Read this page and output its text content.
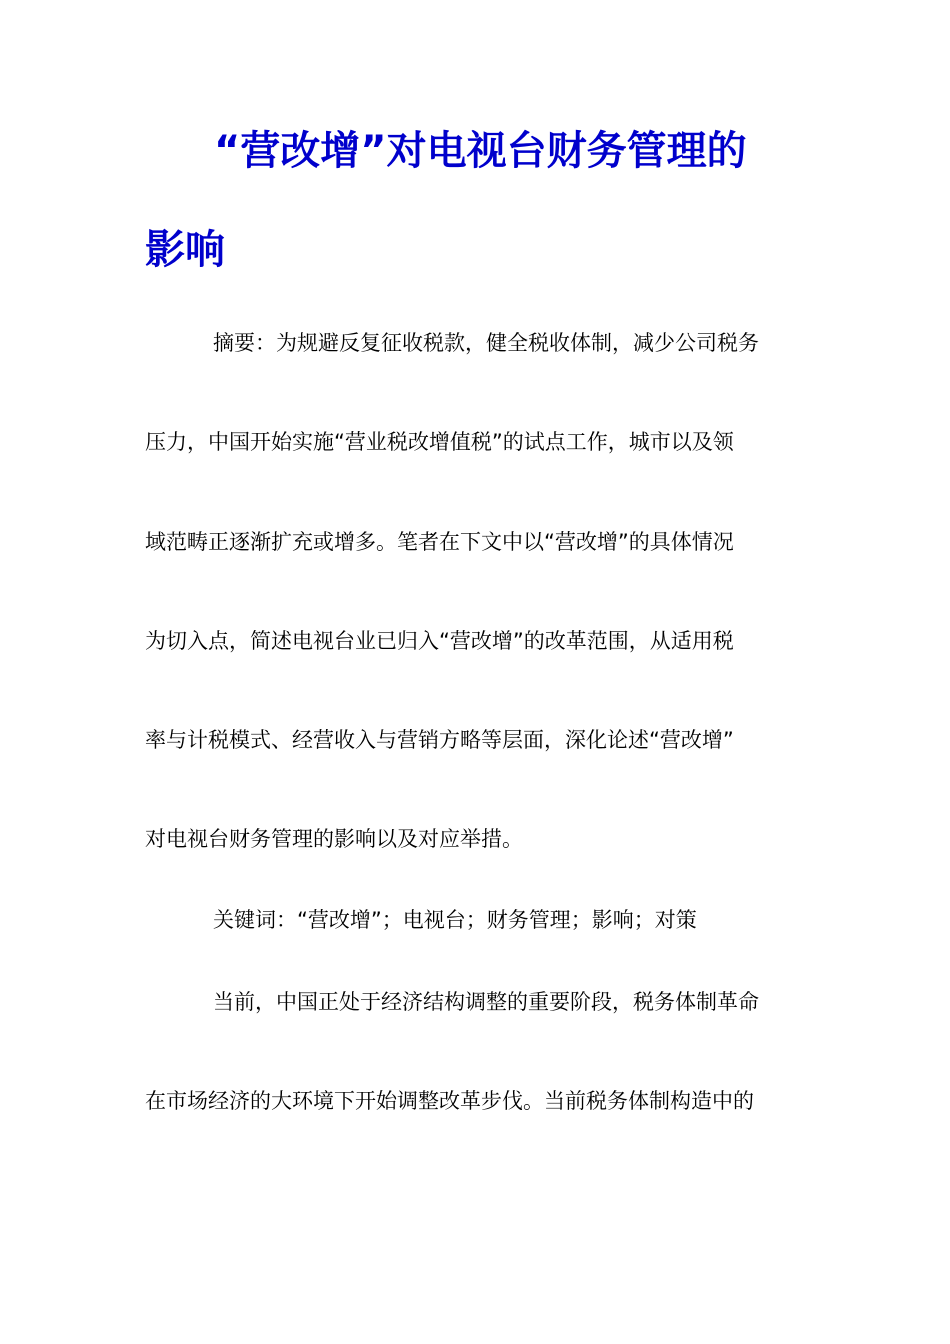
“营改增”对电视台财务管理的
影响
摘要：为规避反复征收税款，健全税收体制，减少公司税务
压力，中国开始实施“营业税改增值税”的试点工作，城市以及领
域范畴正逐渐扩充或增多。笔者在下文中以“营改增”的具体情况
为切入点，简述电视台业已归入“营改增”的改革范围，从适用税
率与计税模式、经营收入与营销方略等层面，深化论述“营改增”
对电视台财务管理的影响以及对应举措。
关键词：“营改增”；电视台；财务管理；影响；对策
当前，中国正处于经济结构调整的重要阶段，税务体制革命
在市场经济的大环境下开始调整改革步伐。当前税务体制构造中的
